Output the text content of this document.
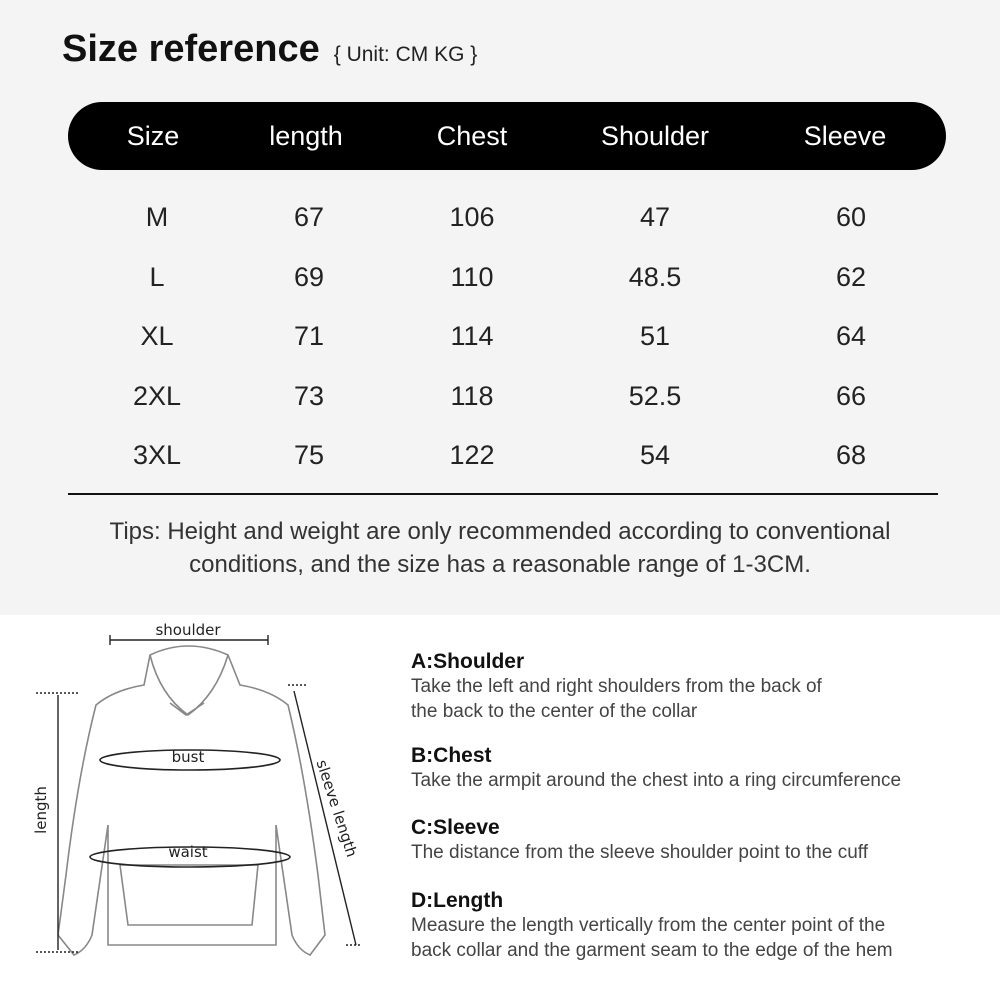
Size reference { Unit: CM KG }
Size	length	Chest	Shoulder	Sleeve
M	67	106	47	60
L	69	110	48.5	62
XL	71	114	51	64
2XL	73	118	52.5	66
3XL	75	122	54	68
Tips: Height and weight are only recommended according to conventional
conditions, and the size has a reasonable range of 1-3CM.
shoulder
bust
waist
length	sleeve length
A:Shoulder
Take the left and right shoulders from the back of
the back to the center of the collar
B:Chest
Take the armpit around the chest into a ring circumference
C:Sleeve
The distance from the sleeve shoulder point to the cuff
D:Length
Measure the length vertically from the center point of the
back collar and the garment seam to the edge of the hem
